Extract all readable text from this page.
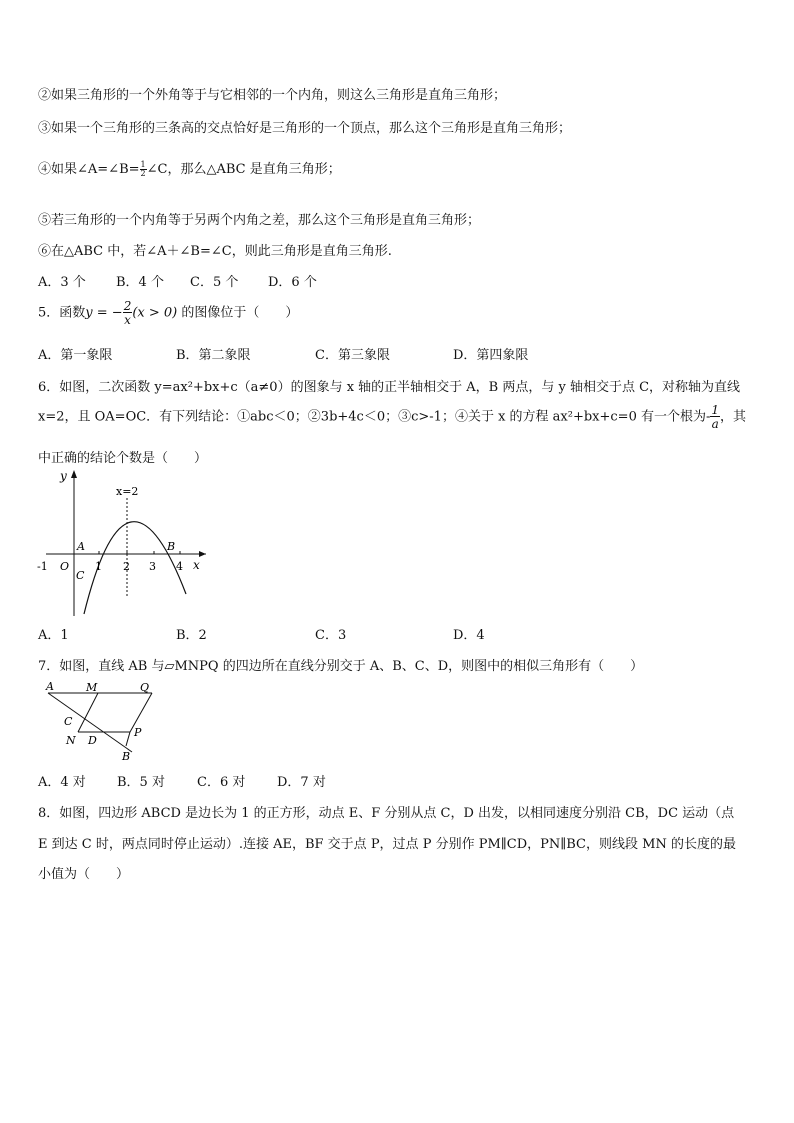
②如果三角形的一个外角等于与它相邻的一个内角，则这么三角形是直角三角形；
③如果一个三角形的三条高的交点恰好是三角形的一个顶点，那么这个三角形是直角三角形；
④如果∠A=∠B= $\frac{1}{2}$ ∠C，那么△ABC 是直角三角形；
⑤若三角形的一个内角等于另两个内角之差，那么这个三角形是直角三角形；
⑥在△ABC 中，若∠A＋∠B=∠C，则此三角形是直角三角形.
A．3 个 B．4 个 C．5 个 D．6 个
5．函数y = − $\frac{2}{x} (x > 0)$ 的图像位于（　　）
A．第一象限	B．第二象限	C．第三象限	D．第四象限
6．如图，二次函数 y=ax²+bx+c（a≠0）的图象与 x 轴的正半轴相交于 A，B 两点，与 y 轴相交于点 C，对称轴为直线
x=2，且 OA=OC．有下列结论：①abc＜0；②3b+4c＜0；③c>-1；④关于 x 的方程 ax²+bx+c=0 有一个根为- $\frac{1}{a}$ ，其
中正确的结论个数是（　　）
y
x
x=2
A	B
C
O
-1	1 2 3 4
A．1	B．2	C．3	D．4
7．如图，直线 AB 与▱MNPQ 的四边所在直线分别交于 A、B、C、D，则图中的相似三角形有（　　）
A	M	Q
C
N D
P
B
A．4 对 B．5 对 C．6 对 D．7 对
8．如图，四边形 ABCD 是边长为 1 的正方形，动点 E、F 分别从点 C，D 出发，以相同速度分别沿 CB，DC 运动（点
E 到达 C 时，两点同时停止运动）.连接 AE，BF 交于点 P，过点 P 分别作 PM∥CD，PN∥BC，则线段 MN 的长度的最
小值为（　　）
